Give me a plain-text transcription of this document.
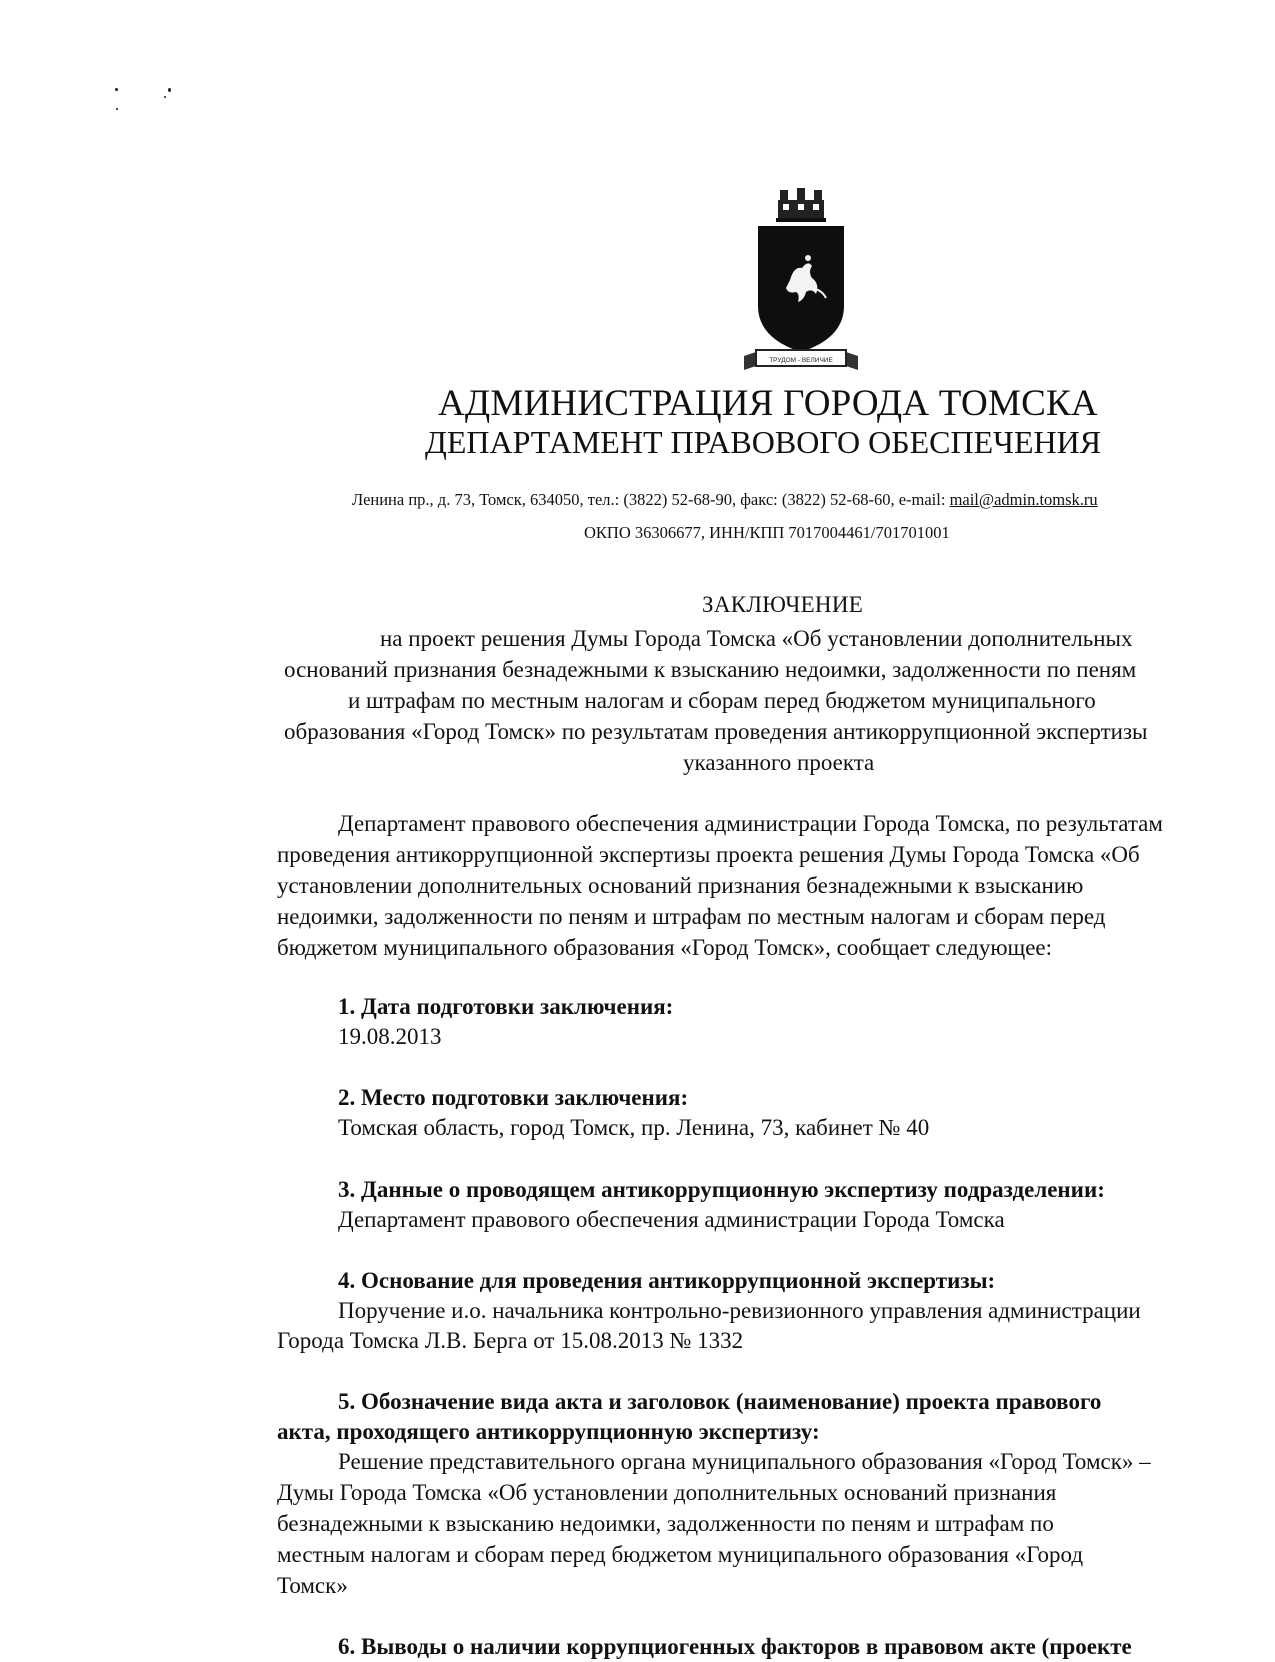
ТРУДОМ - ВЕЛИЧИЕ
АДМИНИСТРАЦИЯ ГОРОДА ТОМСКА
ДЕПАРТАМЕНТ ПРАВОВОГО ОБЕСПЕЧЕНИЯ
Ленина пр., д. 73, Томск, 634050, тел.: (3822) 52-68-90, факс: (3822) 52-68-60, e-mail: mail@admin.tomsk.ru
ОКПО 36306677, ИНН/КПП 7017004461/701701001
ЗАКЛЮЧЕНИЕ
на проект решения Думы Города Томска «Об установлении дополнительных
оснований признания безнадежными к взысканию недоимки, задолженности по пеням
и штрафам по местным налогам и сборам перед бюджетом муниципального
образования «Город Томск» по результатам проведения антикоррупционной экспертизы
указанного проекта
Департамент правового обеспечения администрации Города Томска, по результатам
проведения антикоррупционной экспертизы проекта решения Думы Города Томска «Об
установлении дополнительных оснований признания безнадежными к взысканию
недоимки, задолженности по пеням и штрафам по местным налогам и сборам перед
бюджетом муниципального образования «Город Томск», сообщает следующее:
1. Дата подготовки заключения:
19.08.2013
2. Место подготовки заключения:
Томская область, город Томск, пр. Ленина, 73, кабинет № 40
3. Данные о проводящем антикоррупционную экспертизу подразделении:
Департамент правового обеспечения администрации Города Томска
4. Основание для проведения антикоррупционной экспертизы:
Поручение и.о. начальника контрольно-ревизионного управления администрации
Города Томска Л.В. Берга от 15.08.2013 № 1332
5. Обозначение вида акта и заголовок (наименование) проекта правового
акта, проходящего антикоррупционную экспертизу:
Решение представительного органа муниципального образования «Город Томск» –
Думы Города Томска «Об установлении дополнительных оснований признания
безнадежными к взысканию недоимки, задолженности по пеням и штрафам по
местным налогам и сборам перед бюджетом муниципального образования «Город
Томск»
6. Выводы о наличии коррупциогенных факторов в правовом акте (проекте
